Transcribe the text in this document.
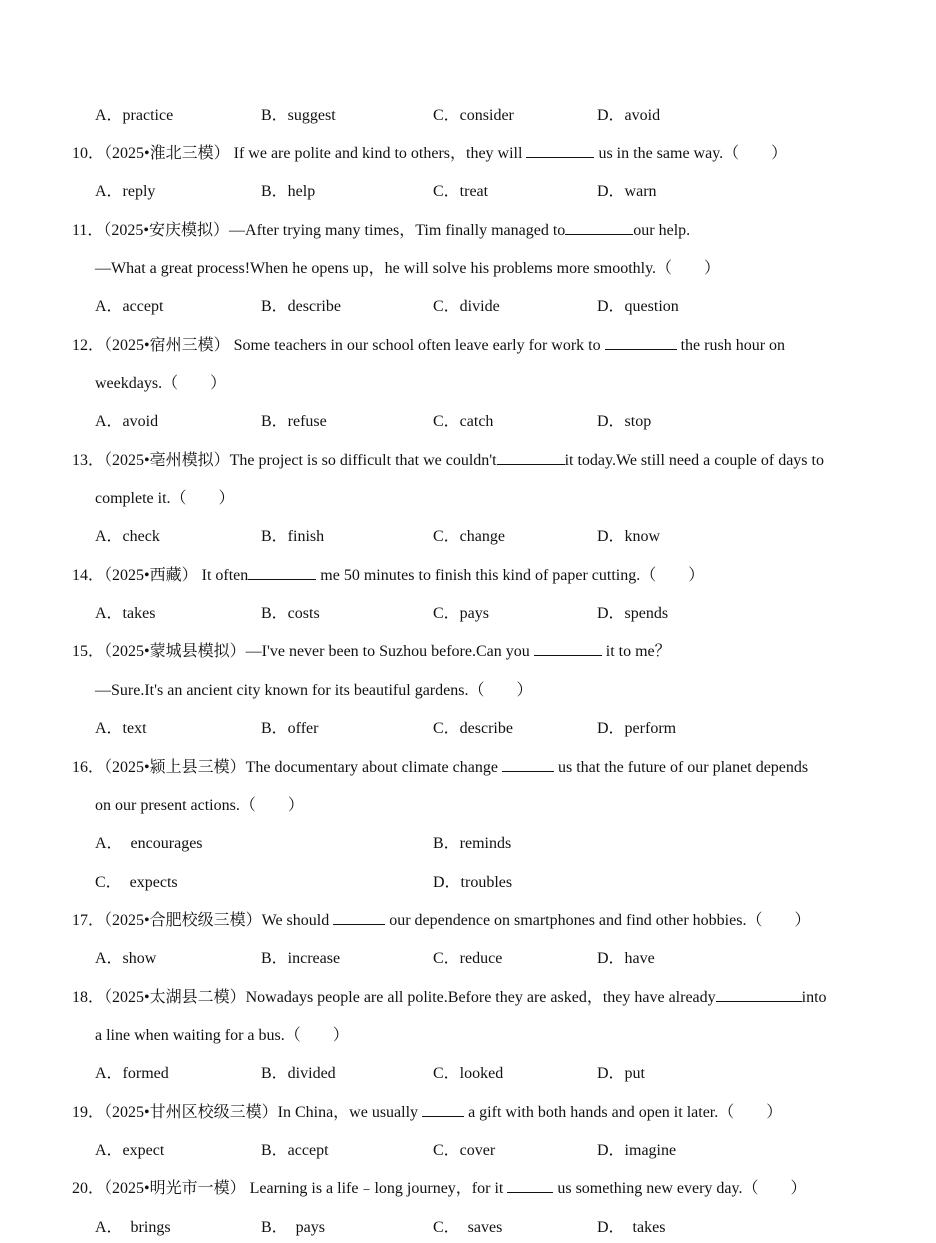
A．practice	B．suggest	C．consider	D．avoid
10．（2025•淮北三模） If we are polite and kind to others，they will	us in the same way.（　　）
A．reply	B．help	C．treat	D．warn
11．（2025•安庆模拟）—After trying many times，Tim finally managed to	our help.
—What a great process!When he opens up，he will solve his problems more smoothly.（　　）
A．accept	B．describe	C．divide	D．question
12．（2025•宿州三模） Some teachers in our school often leave early for work to	the rush hour on
weekdays.（　　）
A．avoid	B．refuse	C．catch	D．stop
13．（2025•亳州模拟）The project is so difficult that we couldn't	it today.We still need a couple of days to
complete it.（　　）
A．check	B．finish	C．change	D．know
14．（2025•西藏） It often	me 50 minutes to finish this kind of paper cutting.（　　）
A．takes	B．costs	C．pays	D．spends
15．（2025•蒙城县模拟）—I've never been to Suzhou before.Can you	it to me？
—Sure.It's an ancient city known for its beautiful gardens.（　　）
A．text	B．offer	C．describe	D．perform
16．（2025•颍上县三模）The documentary about climate change	us that the future of our planet depends
on our present actions.（　　）
A．　encourages	B．reminds
C．　expects	D．troubles
17．（2025•合肥校级三模）We should	our dependence on smartphones and find other hobbies.（　　）
A．show	B．increase	C．reduce	D．have
18．（2025•太湖县二模）Nowadays people are all polite.Before they are asked，they have already	into
a line when waiting for a bus.（　　）
A．formed	B．divided	C．looked	D．put
19．（2025•甘州区校级三模）In China，we usually	a gift with both hands and open it later.（　　）
A．expect	B．accept	C．cover	D．imagine
20．（2025•明光市一模） Learning is a life﹣long journey，for it	us something new every day.（　　）
A．　brings	B．　pays	C．　saves	D．　takes
